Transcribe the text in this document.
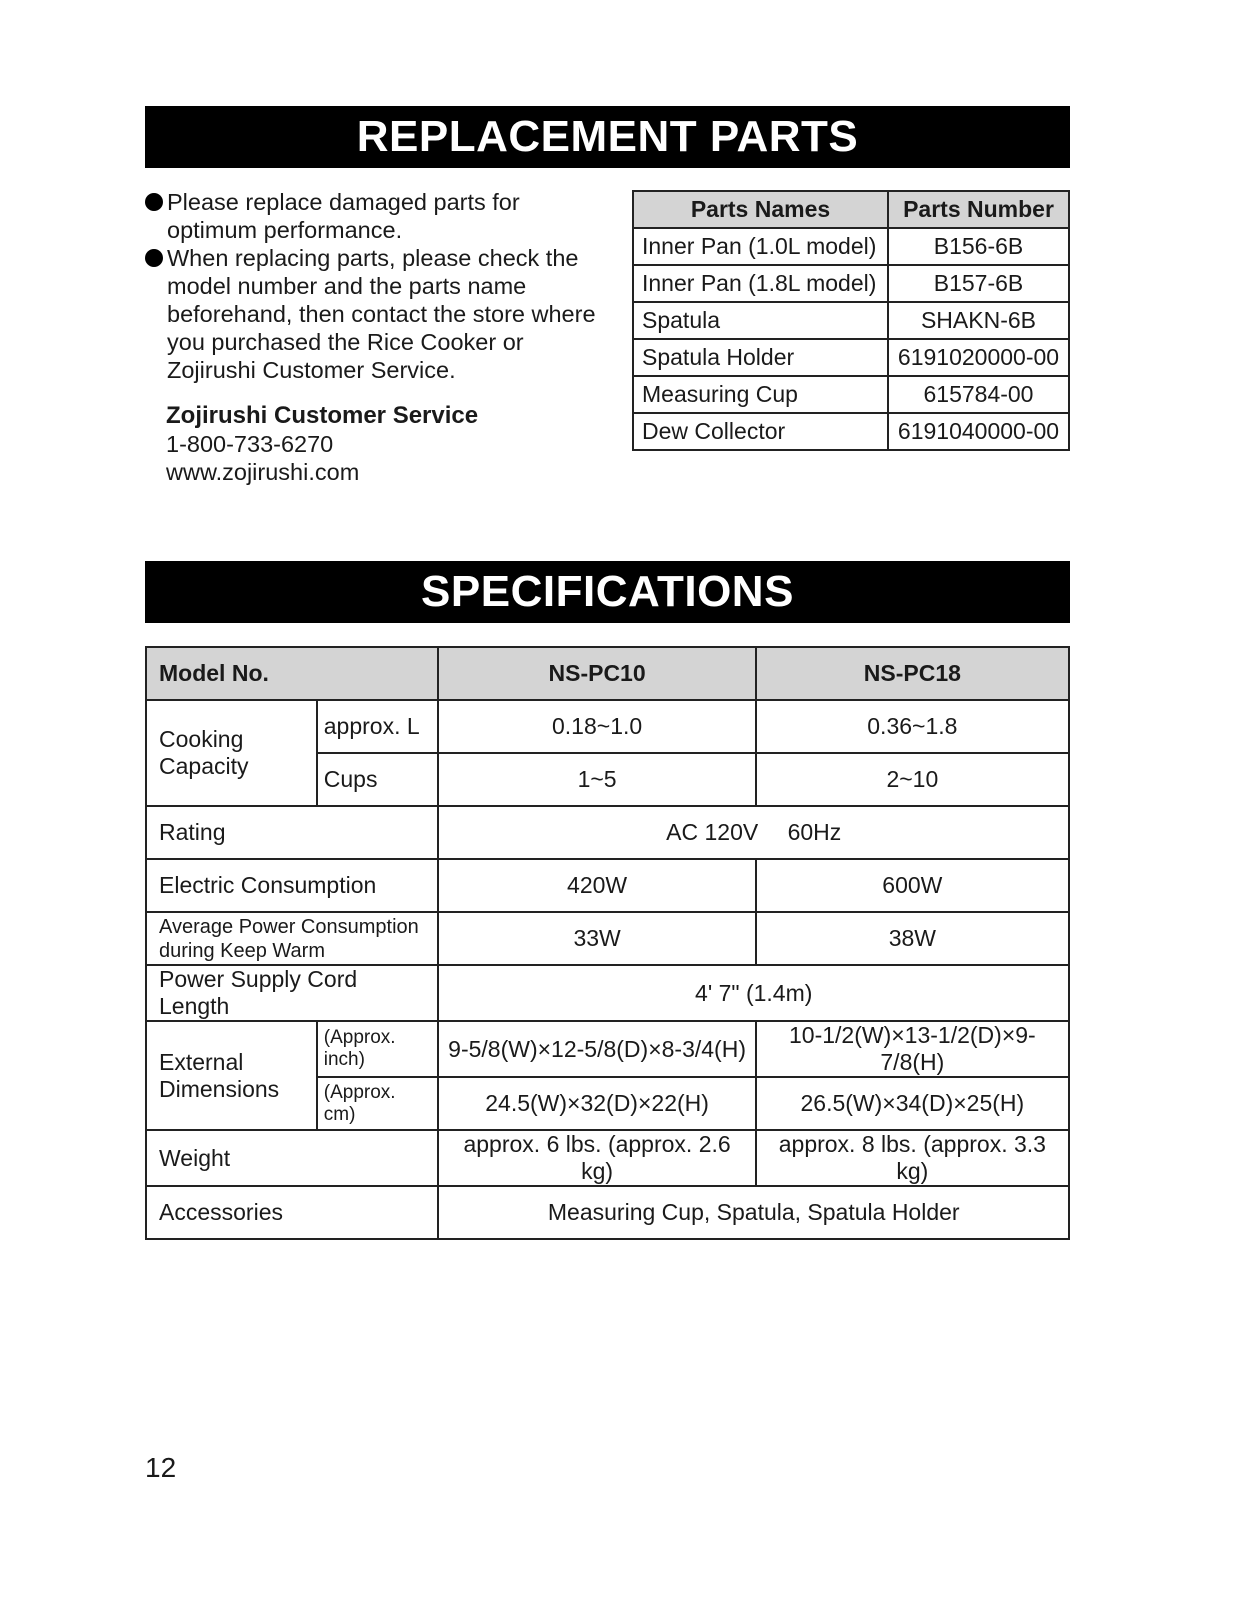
REPLACEMENT PARTS
Please replace damaged parts for optimum performance.
When replacing parts, please check the model number and the parts name beforehand, then contact the store where you purchased the Rice Cooker or Zojirushi Customer Service.
Zojirushi Customer Service
1-800-733-6270
www.zojirushi.com
Parts Names	Parts Number
Inner Pan (1.0L model)	B156-6B
Inner Pan (1.8L model)	B157-6B
Spatula	SHAKN-6B
Spatula Holder	6191020000-00
Measuring Cup	615784-00
Dew Collector	6191040000-00
SPECIFICATIONS
Model No.		NS-PC10	NS-PC18
Cooking Capacity	approx. L	0.18~1.0	0.36~1.8
	Cups	1~5	2~10
Rating		AC 120V  60Hz	
Electric Consumption		420W	600W
Average Power Consumption during Keep Warm		33W	38W
Power Supply Cord Length		4' 7" (1.4m)	
External Dimensions	(Approx. inch)	9-5/8(W)×12-5/8(D)×8-3/4(H)	10-1/2(W)×13-1/2(D)×9-7/8(H)
	(Approx. cm)	24.5(W)×32(D)×22(H)	26.5(W)×34(D)×25(H)
Weight		approx. 6 lbs. (approx. 2.6 kg)	approx. 8 lbs. (approx. 3.3 kg)
Accessories		Measuring Cup, Spatula, Spatula Holder	
12
